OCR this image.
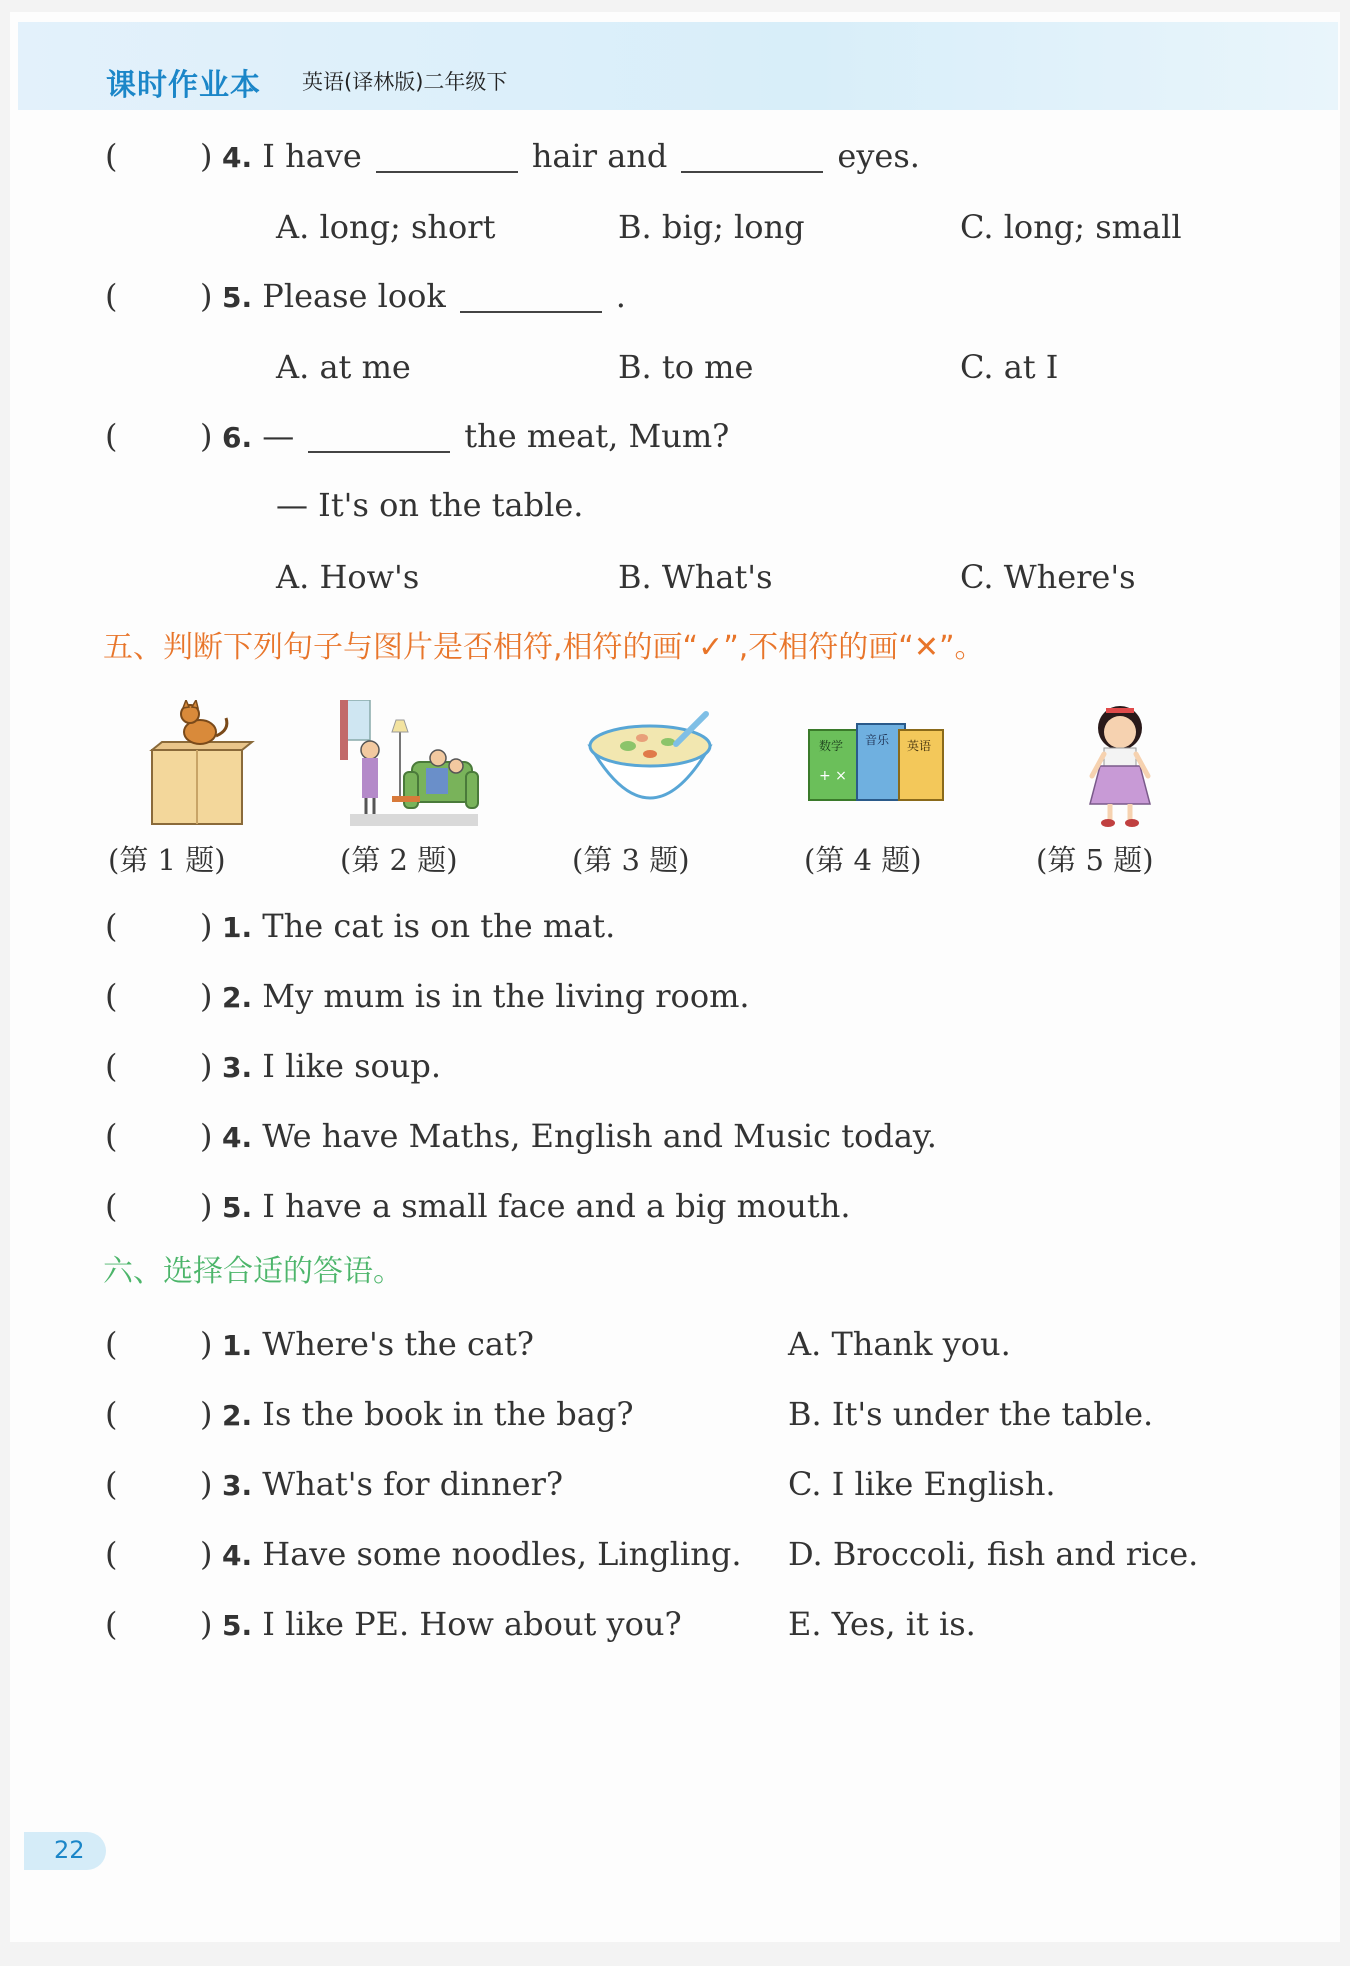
课时作业本 英语(译林版)二年级下
(	) 4. I have	hair and	eyes.
A. long; short	B. big; long	C. long; small
(	) 5. Please look	.
A. at me	B. to me	C. at I
(	) 6. —	the meat, Mum?
— It's on the table.
A. How's	B. What's	C. Where's
五、判断下列句子与图片是否相符,相符的画“✓”,不相符的画“✕”。
数学 音乐 英语
+ ×
(第 1 题)	(第 2 题)	(第 3 题)	(第 4 题)	(第 5 题)
(	) 1. The cat is on the mat.
(	) 2. My mum is in the living room.
(	) 3. I like soup.
(	) 4. We have Maths, English and Music today.
(	) 5. I have a small face and a big mouth.
六、选择合适的答语。
(	) 1. Where's the cat?	A. Thank you.
(	) 2. Is the book in the bag?	B. It's under the table.
(	) 3. What's for dinner?	C. I like English.
(	) 4. Have some noodles, Lingling. D. Broccoli, fish and rice.
(	) 5. I like PE. How about you?	E. Yes, it is.
22
